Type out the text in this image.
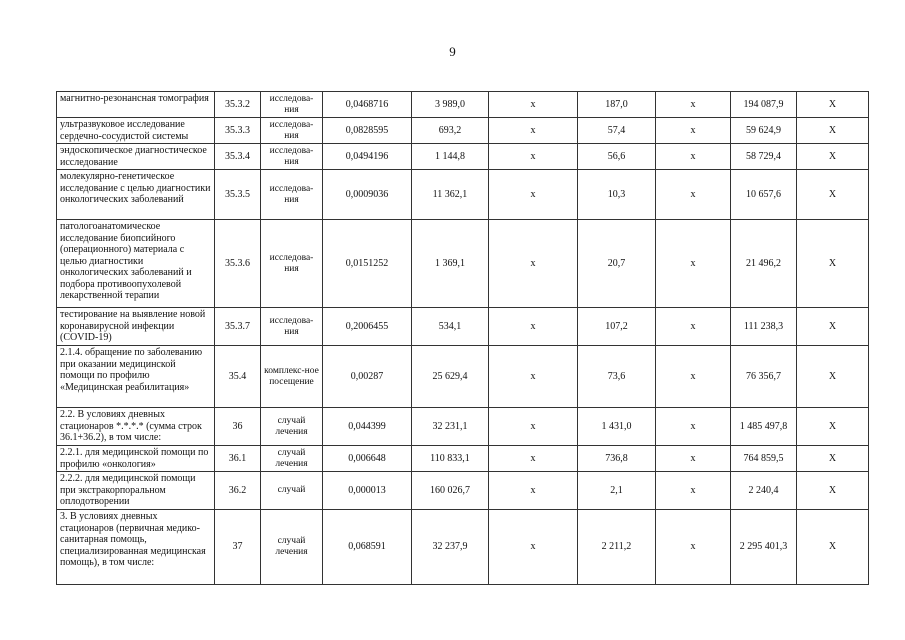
9
магнитно-резонансная томография	35.3.2	исследова-ния	0,0468716	3 989,0	х	187,0	х	194 087,9	Х
ультразвуковое исследование сердечно-сосудистой системы	35.3.3	исследова-ния	0,0828595	693,2	х	57,4	х	59 624,9	Х
эндоскопическое диагностическое исследование	35.3.4	исследова-ния	0,0494196	1 144,8	х	56,6	х	58 729,4	Х
молекулярно-генетическое исследование с целью диагностики онкологических заболеваний	35.3.5	исследова-ния	0,0009036	11 362,1	х	10,3	х	10 657,6	Х
патологоанатомическое исследование биопсийного (операционного) материала с целью диагностики онкологических заболеваний и подбора противоопухолевой лекарственной терапии	35.3.6	исследова-ния	0,0151252	1 369,1	х	20,7	х	21 496,2	Х
тестирование на выявление новой коронавирусной инфекции (COVID-19)	35.3.7	исследова-ния	0,2006455	534,1	х	107,2	х	111 238,3	Х
2.1.4. обращение по заболеванию при оказании медицинской помощи по профилю «Медицинская реабилитация»	35.4	комплекс-ное посещение	0,00287	25 629,4	х	73,6	х	76 356,7	Х
2.2. В условиях дневных стационаров *.*.*.* (сумма строк 36.1+36.2), в том числе:	36	случай лечения	0,044399	32 231,1	х	1 431,0	х	1 485 497,8	Х
2.2.1. для медицинской помощи по профилю «онкология»	36.1	случай лечения	0,006648	110 833,1	х	736,8	х	764 859,5	Х
2.2.2. для медицинской помощи при экстракорпоральном оплодотворении	36.2	случай	0,000013	160 026,7	х	2,1	х	2 240,4	Х
3. В условиях дневных стационаров (первичная медико-санитарная помощь, специализированная медицинская помощь), в том числе:	37	случай лечения	0,068591	32 237,9	х	2 211,2	х	2 295 401,3	Х
